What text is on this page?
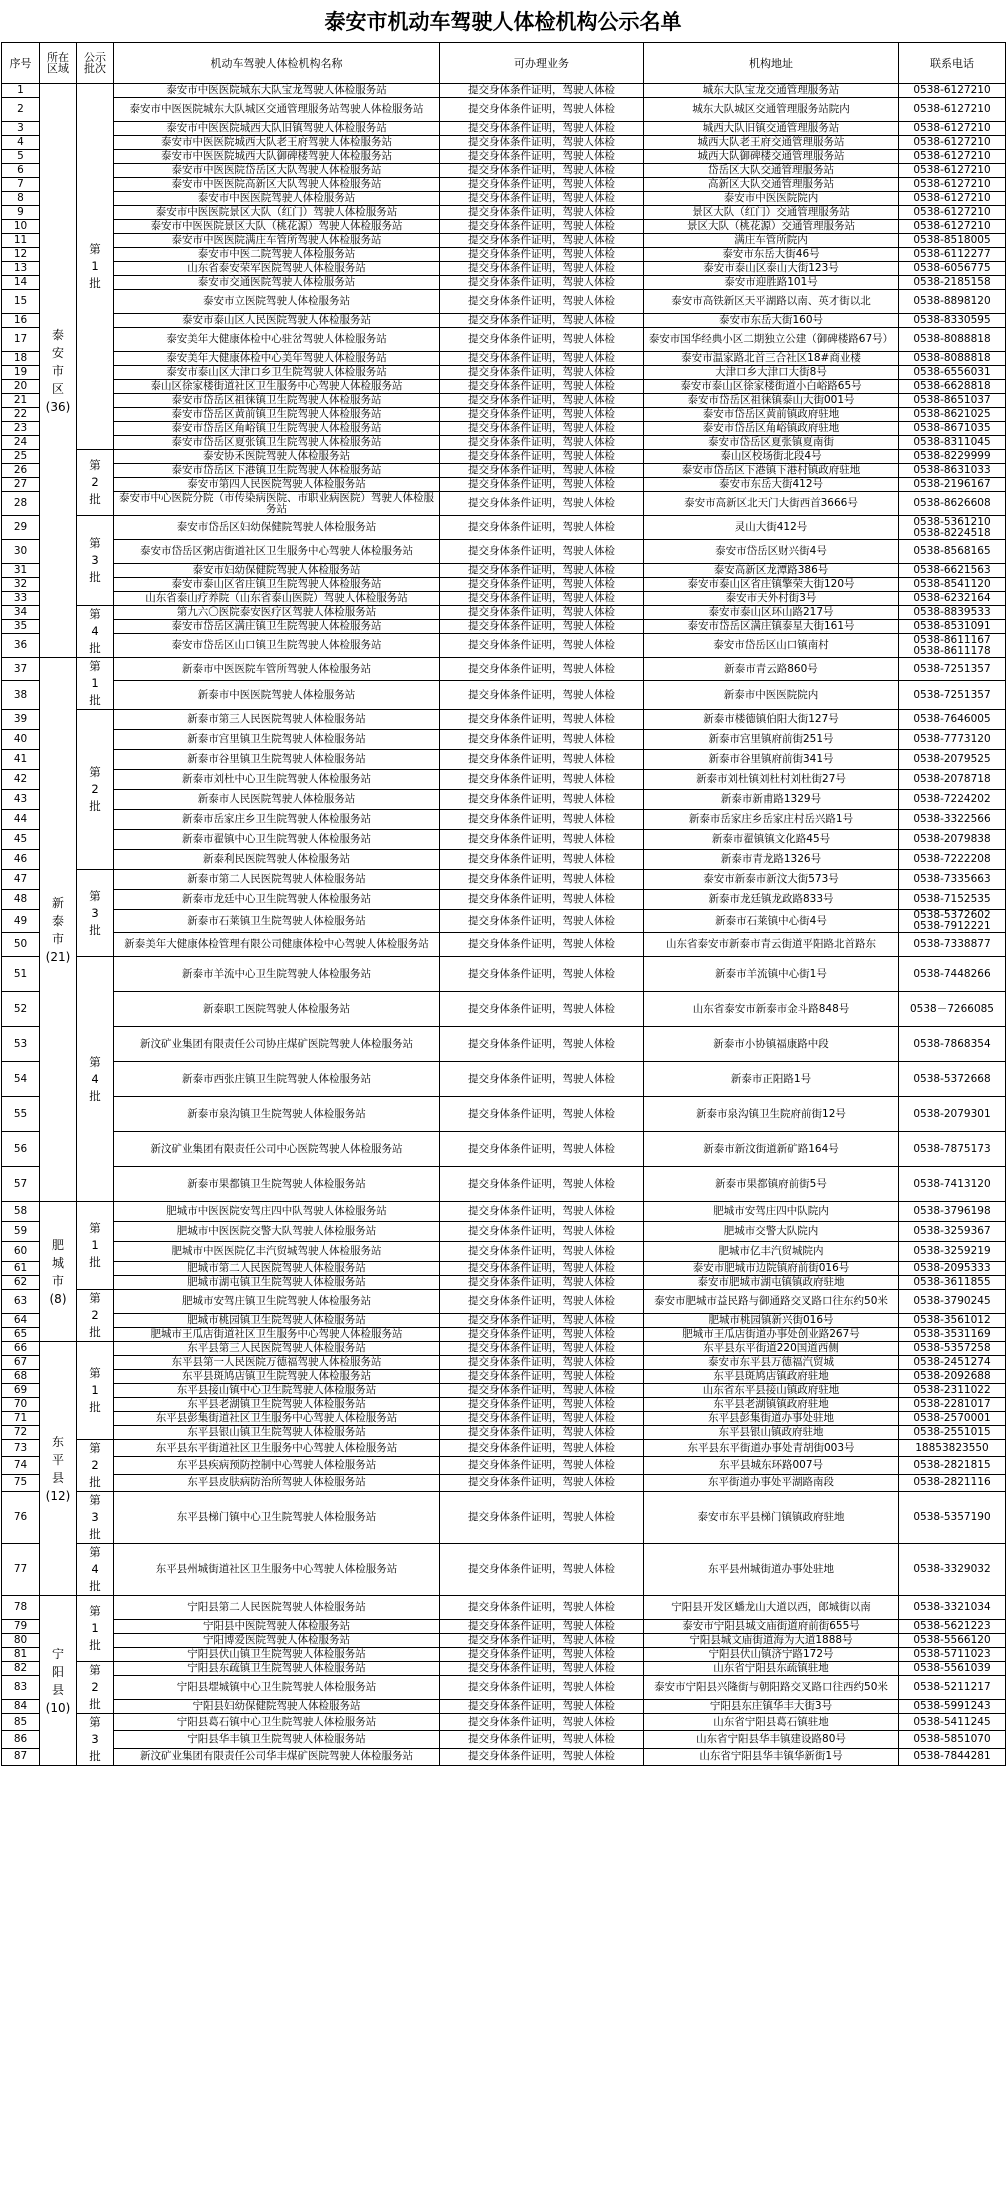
泰安市机动车驾驶人体检机构公示名单
序号	所在区域	公示批次	机动车驾驶人体检机构名称	可办理业务	机构地址	联系电话
1	泰
安
市
区
(36)	第
1
批	泰安市中医医院城东大队宝龙驾驶人体检服务站	提交身体条件证明，驾驶人体检	城东大队宝龙交通管理服务站	0538-6127210
2			泰安市中医医院城东大队城区交通管理服务站驾驶人体检服务站	提交身体条件证明，驾驶人体检	城东大队城区交通管理服务站院内	0538-6127210
3			泰安市中医医院城西大队旧镇驾驶人体检服务站	提交身体条件证明，驾驶人体检	城西大队旧镇交通管理服务站	0538-6127210
4			泰安市中医医院城西大队老王府驾驶人体检服务站	提交身体条件证明，驾驶人体检	城西大队老王府交通管理服务站	0538-6127210
5			泰安市中医医院城西大队御碑楼驾驶人体检服务站	提交身体条件证明，驾驶人体检	城西大队御碑楼交通管理服务站	0538-6127210
6			泰安市中医医院岱岳区大队驾驶人体检服务站	提交身体条件证明，驾驶人体检	岱岳区大队交通管理服务站	0538-6127210
7			泰安市中医医院高新区大队驾驶人体检服务站	提交身体条件证明，驾驶人体检	高新区大队交通管理服务站	0538-6127210
8			泰安市中医医院驾驶人体检服务站	提交身体条件证明，驾驶人体检	泰安市中医医院院内	0538-6127210
9			泰安市中医医院景区大队（红门）驾驶人体检服务站	提交身体条件证明，驾驶人体检	景区大队（红门）交通管理服务站	0538-6127210
10			泰安市中医医院景区大队（桃花源）驾驶人体检服务站	提交身体条件证明，驾驶人体检	景区大队（桃花源）交通管理服务站	0538-6127210
11			泰安市中医医院满庄车管所驾驶人体检服务站	提交身体条件证明，驾驶人体检	满庄车管所院内	0538-8518005
12			泰安市中医二院驾驶人体检服务站	提交身体条件证明，驾驶人体检	泰安市东岳大街46号	0538-6112277
13			山东省泰安荣军医院驾驶人体检服务站	提交身体条件证明，驾驶人体检	泰安市泰山区泰山大街123号	0538-6056775
14			泰安市交通医院驾驶人体检服务站	提交身体条件证明，驾驶人体检	泰安市迎胜路101号	0538-2185158
15			泰安市立医院驾驶人体检服务站	提交身体条件证明，驾驶人体检	泰安市高铁新区天平湖路以南、英才街以北	0538-8898120
16			泰安市泰山区人民医院驾驶人体检服务站	提交身体条件证明，驾驶人体检	泰安市东岳大街160号	0538-8330595
17			泰安美年大健康体检中心驻岔驾驶人体检服务站	提交身体条件证明，驾驶人体检	泰安市国华经典小区二期独立公建（御碑楼路67号）	0538-8088818
18			泰安美年大健康体检中心美年驾驶人体检服务站	提交身体条件证明，驾驶人体检	泰安市温家路北首三合社区18#商业楼	0538-8088818
19			泰安市泰山区大津口乡卫生院驾驶人体检服务站	提交身体条件证明，驾驶人体检	大津口乡大津口大街8号	0538-6556031
20			泰山区徐家楼街道社区卫生服务中心驾驶人体检服务站	提交身体条件证明，驾驶人体检	泰安市泰山区徐家楼街道小白峪路65号	0538-6628818
21			泰安市岱岳区祖徕镇卫生院驾驶人体检服务站	提交身体条件证明，驾驶人体检	泰安市岱岳区祖徕镇泰山大街001号	0538-8651037
22			泰安市岱岳区黄前镇卫生院驾驶人体检服务站	提交身体条件证明，驾驶人体检	泰安市岱岳区黄前镇政府驻地	0538-8621025
23			泰安市岱岳区角峪镇卫生院驾驶人体检服务站	提交身体条件证明，驾驶人体检	泰安市岱岳区角峪镇政府驻地	0538-8671035
24			泰安市岱岳区夏张镇卫生院驾驶人体检服务站	提交身体条件证明，驾驶人体检	泰安市岱岳区夏张镇夏南街	0538-8311045
25		第
2
批	泰安协禾医院驾驶人体检服务站	提交身体条件证明，驾驶人体检	泰山区校场街北段4号	0538-8229999
26			泰安市岱岳区下港镇卫生院驾驶人体检服务站	提交身体条件证明，驾驶人体检	泰安市岱岳区下港镇下港村镇政府驻地	0538-8631033
27			泰安市第四人民医院驾驶人体检服务站	提交身体条件证明，驾驶人体检	泰安市东岳大街412号	0538-2196167
28			泰安市中心医院分院（市传染病医院、市职业病医院）驾驶人体检服务站	提交身体条件证明，驾驶人体检	泰安市高新区北天门大街西首3666号	0538-8626608
29		第
3
批	泰安市岱岳区妇幼保健院驾驶人体检服务站	提交身体条件证明，驾驶人体检	灵山大街412号	0538-5361210
0538-8224518
30			泰安市岱岳区粥店街道社区卫生服务中心驾驶人体检服务站	提交身体条件证明，驾驶人体检	泰安市岱岳区财兴街4号	0538-8568165
31			泰安市妇幼保健院驾驶人体检服务站	提交身体条件证明，驾驶人体检	泰安高新区龙潭路386号	0538-6621563
32			泰安市泰山区省庄镇卫生院驾驶人体检服务站	提交身体条件证明，驾驶人体检	泰安市泰山区省庄镇擎荣大街120号	0538-8541120
33			山东省泰山疗养院（山东省泰山医院）驾驶人体检服务站	提交身体条件证明，驾驶人体检	泰安市天外村街3号	0538-6232164
34		第
4
批	第九六〇医院泰安医疗区驾驶人体检服务站	提交身体条件证明，驾驶人体检	泰安市泰山区环山路217号	0538-8839533
35			泰安市岱岳区满庄镇卫生院驾驶人体检服务站	提交身体条件证明，驾驶人体检	泰安市岱岳区满庄镇泰星大街161号	0538-8531091
36			泰安市岱岳区山口镇卫生院驾驶人体检服务站	提交身体条件证明，驾驶人体检	泰安市岱岳区山口镇南村	0538-8611167
0538-8611178
37	新
泰
市
(21)	第
1
批	新泰市中医医院车管所驾驶人体检服务站	提交身体条件证明，驾驶人体检	新泰市青云路860号	0538-7251357
38			新泰市中医医院驾驶人体检服务站	提交身体条件证明，驾驶人体检	新泰市中医医院院内	0538-7251357
39		第
2
批	新泰市第三人民医院驾驶人体检服务站	提交身体条件证明，驾驶人体检	新泰市楼德镇伯阳大街127号	0538-7646005
40			新泰市宫里镇卫生院驾驶人体检服务站	提交身体条件证明，驾驶人体检	新泰市宫里镇府前街251号	0538-7773120
41			新泰市谷里镇卫生院驾驶人体检服务站	提交身体条件证明，驾驶人体检	新泰市谷里镇府前街341号	0538-2079525
42			新泰市刘杜中心卫生院驾驶人体检服务站	提交身体条件证明，驾驶人体检	新泰市刘杜镇刘杜村刘杜街27号	0538-2078718
43			新泰市人民医院驾驶人体检服务站	提交身体条件证明，驾驶人体检	新泰市新甫路1329号	0538-7224202
44			新泰市岳家庄乡卫生院驾驶人体检服务站	提交身体条件证明，驾驶人体检	新泰市岳家庄乡岳家庄村岳兴路1号	0538-3322566
45			新泰市翟镇中心卫生院驾驶人体检服务站	提交身体条件证明，驾驶人体检	新泰市翟镇镇文化路45号	0538-2079838
46			新泰利民医院驾驶人体检服务站	提交身体条件证明，驾驶人体检	新泰市青龙路1326号	0538-7222208
47		第
3
批	新泰市第二人民医院驾驶人体检服务站	提交身体条件证明，驾驶人体检	泰安市新泰市新汶大街573号	0538-7335663
48			新泰市龙廷中心卫生院驾驶人体检服务站	提交身体条件证明，驾驶人体检	新泰市龙廷镇龙政路833号	0538-7152535
49			新泰市石莱镇卫生院驾驶人体检服务站	提交身体条件证明，驾驶人体检	新泰市石莱镇中心街4号	0538-5372602
0538-7912221
50			新泰美年大健康体检管理有限公司健康体检中心驾驶人体检服务站	提交身体条件证明，驾驶人体检	山东省泰安市新泰市青云街道平阳路北首路东	0538-7338877
51		第
4
批	新泰市羊流中心卫生院驾驶人体检服务站	提交身体条件证明，驾驶人体检	新泰市羊流镇中心街1号	0538-7448266
52			新泰职工医院驾驶人体检服务站	提交身体条件证明，驾驶人体检	山东省泰安市新泰市金斗路848号	0538－7266085
53			新汶矿业集团有限责任公司协庄煤矿医院驾驶人体检服务站	提交身体条件证明，驾驶人体检	新泰市小协镇福康路中段	0538-7868354
54			新泰市西张庄镇卫生院驾驶人体检服务站	提交身体条件证明，驾驶人体检	新泰市正阳路1号	0538-5372668
55			新泰市泉沟镇卫生院驾驶人体检服务站	提交身体条件证明，驾驶人体检	新泰市泉沟镇卫生院府前街12号	0538-2079301
56			新汶矿业集团有限责任公司中心医院驾驶人体检服务站	提交身体条件证明，驾驶人体检	新泰市新汶街道新矿路164号	0538-7875173
57			新泰市果都镇卫生院驾驶人体检服务站	提交身体条件证明，驾驶人体检	新泰市果都镇府前街5号	0538-7413120
58	肥
城
市
(8)	第
1
批	肥城市中医医院安驾庄四中队驾驶人体检服务站	提交身体条件证明，驾驶人体检	肥城市安驾庄四中队院内	0538-3796198
59			肥城市中医医院交警大队驾驶人体检服务站	提交身体条件证明，驾驶人体检	肥城市交警大队院内	0538-3259367
60			肥城市中医医院亿丰汽贸城驾驶人体检服务站	提交身体条件证明，驾驶人体检	肥城市亿丰汽贸城院内	0538-3259219
61			肥城市第二人民医院驾驶人体检服务站	提交身体条件证明，驾驶人体检	泰安市肥城市边院镇府前街016号	0538-2095333
62			肥城市湖屯镇卫生院驾驶人体检服务站	提交身体条件证明，驾驶人体检	泰安市肥城市湖屯镇镇政府驻地	0538-3611855
63		第
2
批	肥城市安驾庄镇卫生院驾驶人体检服务站	提交身体条件证明，驾驶人体检	泰安市肥城市益民路与御通路交叉路口往东约50米	0538-3790245
64			肥城市桃园镇卫生院驾驶人体检服务站	提交身体条件证明，驾驶人体检	肥城市桃园镇新兴街016号	0538-3561012
65			肥城市王瓜店街道社区卫生服务中心驾驶人体检服务站	提交身体条件证明，驾驶人体检	肥城市王瓜店街道办事处创业路267号	0538-3531169
66	东
平
县
(12)	第
1
批	东平县第三人民医院驾驶人体检服务站	提交身体条件证明，驾驶人体检	东平县东平街道220国道西侧	0538-5357258
67			东平县第一人民医院万德福驾驶人体检服务站	提交身体条件证明，驾驶人体检	泰安市东平县万德福汽贸城	0538-2451274
68			东平县斑鸠店镇卫生院驾驶人体检服务站	提交身体条件证明，驾驶人体检	东平县斑鸠店镇政府驻地	0538-2092688
69			东平县接山镇中心卫生院驾驶人体检服务站	提交身体条件证明，驾驶人体检	山东省东平县接山镇政府驻地	0538-2311022
70			东平县老湖镇卫生院驾驶人体检服务站	提交身体条件证明，驾驶人体检	东平县老湖镇镇政府驻地	0538-2281017
71			东平县彭集街道社区卫生服务中心驾驶人体检服务站	提交身体条件证明，驾驶人体检	东平县彭集街道办事处驻地	0538-2570001
72			东平县银山镇卫生院驾驶人体检服务站	提交身体条件证明，驾驶人体检	东平县银山镇政府驻地	0538-2551015
73		第
2
批	东平县东平街道社区卫生服务中心驾驶人体检服务站	提交身体条件证明，驾驶人体检	东平县东平街道办事处青胡街003号	18853823550
74			东平县疾病预防控制中心驾驶人体检服务站	提交身体条件证明，驾驶人体检	东平县城东环路007号	0538-2821815
75			东平县皮肤病防治所驾驶人体检服务站	提交身体条件证明，驾驶人体检	东平街道办事处平湖路南段	0538-2821116
76		第
3
批	东平县梯门镇中心卫生院驾驶人体检服务站	提交身体条件证明，驾驶人体检	泰安市东平县梯门镇镇政府驻地	0538-5357190
77		第
4
批	东平县州城街道社区卫生服务中心驾驶人体检服务站	提交身体条件证明，驾驶人体检	东平县州城街道办事处驻地	0538-3329032
78	宁
阳
县
(10)	第
1
批	宁阳县第二人民医院驾驶人体检服务站	提交身体条件证明，驾驶人体检	宁阳县开发区蟠龙山大道以西，郎城街以南	0538-3321034
79			宁阳县中医院驾驶人体检服务站	提交身体条件证明，驾驶人体检	泰安市宁阳县城文庙街道府前街655号	0538-5621223
80			宁阳博爱医院驾驶人体检服务站	提交身体条件证明，驾驶人体检	宁阳县城文庙街道海为大道1888号	0538-5566120
81			宁阳县伏山镇卫生院驾驶人体检服务站	提交身体条件证明，驾驶人体检	宁阳县伏山镇济宁路172号	0538-5711023
82		第
2
批	宁阳县东疏镇卫生院驾驶人体检服务站	提交身体条件证明，驾驶人体检	山东省宁阳县东疏镇驻地	0538-5561039
83			宁阳县堽城镇中心卫生院驾驶人体检服务站	提交身体条件证明，驾驶人体检	泰安市宁阳县兴隆街与朝阳路交叉路口往西约50米	0538-5211217
84			宁阳县妇幼保健院驾驶人体检服务站	提交身体条件证明，驾驶人体检	宁阳县东庄镇华丰大街3号	0538-5991243
85		第
3
批	宁阳县葛石镇中心卫生院驾驶人体检服务站	提交身体条件证明，驾驶人体检	山东省宁阳县葛石镇驻地	0538-5411245
86			宁阳县华丰镇卫生院驾驶人体检服务站	提交身体条件证明，驾驶人体检	山东省宁阳县华丰镇建设路80号	0538-5851070
87			新汶矿业集团有限责任公司华丰煤矿医院驾驶人体检服务站	提交身体条件证明，驾驶人体检	山东省宁阳县华丰镇华新街1号	0538-7844281
